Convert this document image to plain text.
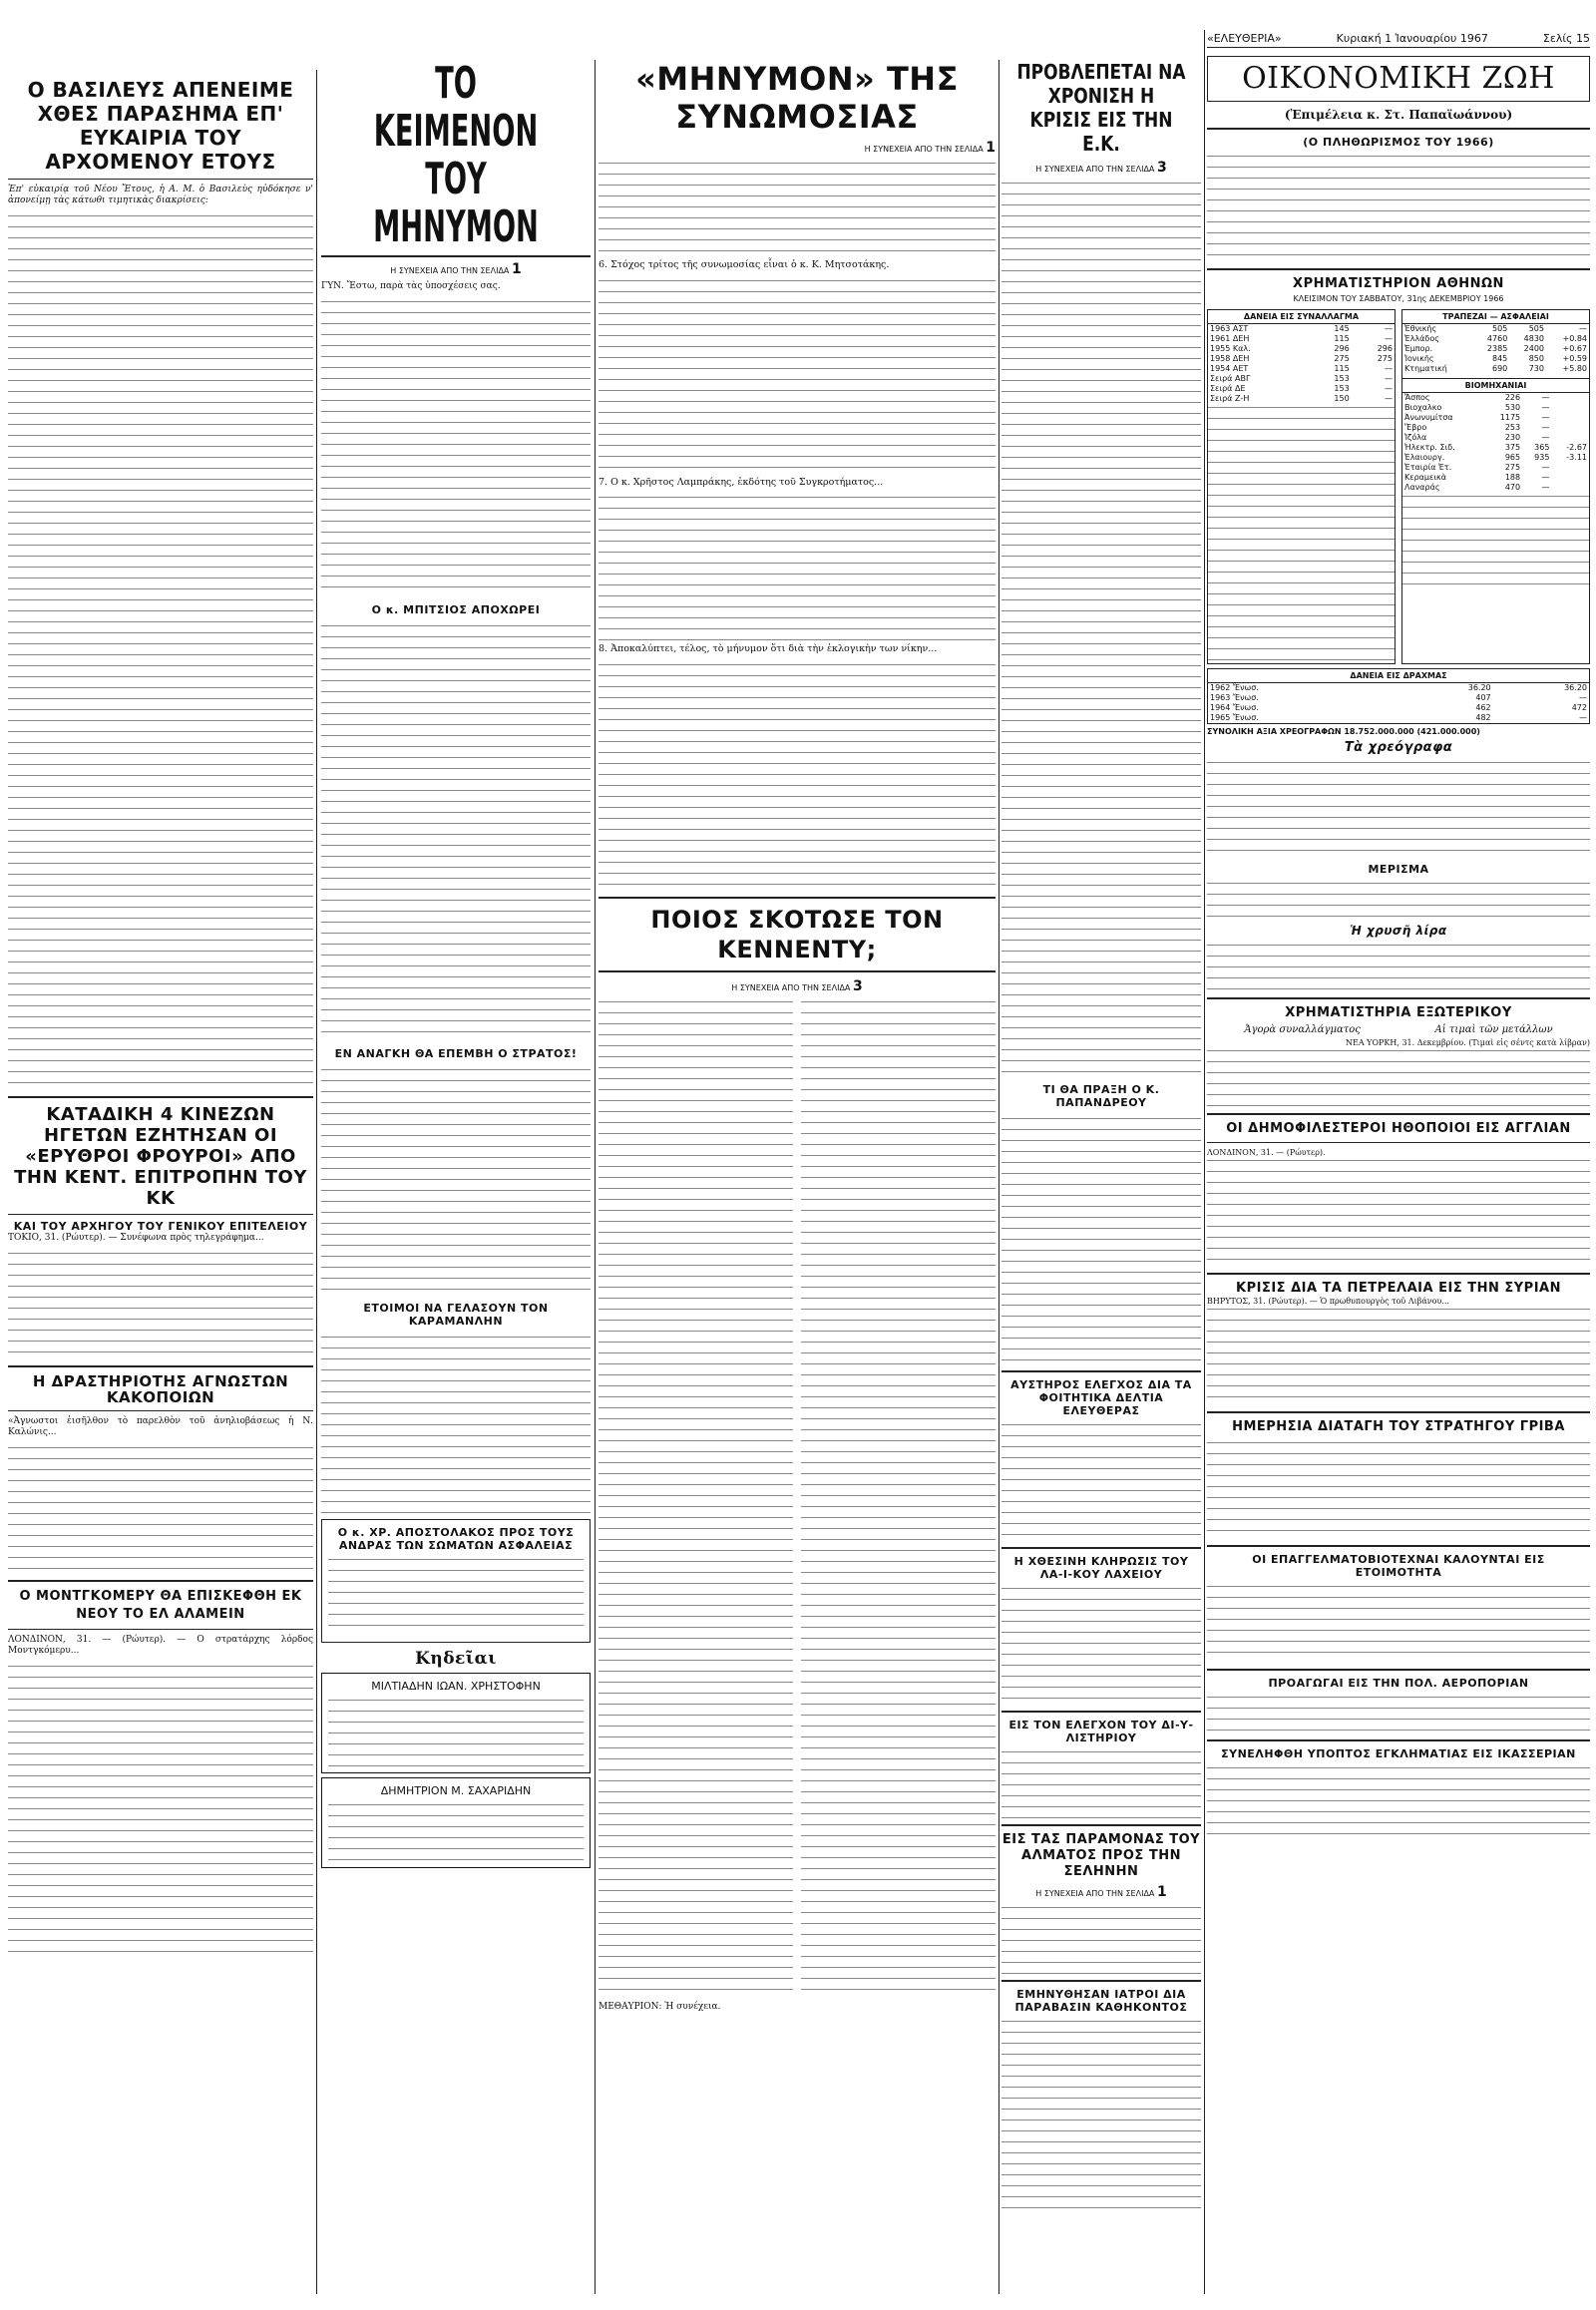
Ο ΒΑΣΙΛΕΥΣ ΑΠΕΝΕΙΜΕ ΧΘΕΣ ΠΑΡΑΣΗΜΑ ΕΠ' ΕΥΚΑΙΡΙΑ ΤΟΥ ΑΡΧΟΜΕΝΟΥ ΕΤΟΥΣ

Ἐπ' εὐκαιρίᾳ τοῦ Νέου Ἔτους, ἡ Α. Μ. ὁ Βασιλεὺς ηὐδόκησε ν' ἀπονείμῃ τὰς κάτωθι τιμητικὰς διακρίσεις:

ΚΑΤΑΔΙΚΗ 4 ΚΙΝΕΖΩΝ ΗΓΕΤΩΝ ΕΖΗΤΗΣΑΝ ΟΙ «ΕΡΥΘΡΟΙ ΦΡΟΥΡΟΙ» ΑΠΟ ΤΗΝ ΚΕΝΤ. ΕΠΙΤΡΟΠΗΝ ΤΟΥ ΚΚ
ΚΑΙ ΤΟΥ ΑΡΧΗΓΟΥ ΤΟΥ ΓΕΝΙΚΟΥ ΕΠΙΤΕΛΕΙΟΥ

ΤΟΚΙΟ, 31. (Ρώυτερ). — Συνέφωνα πρὸς τηλεγράφημα...

Η ΔΡΑΣΤΗΡΙΟΤΗΣ ΑΓΝΩΣΤΩΝ ΚΑΚΟΠΟΙΩΝ

«Ἀγνωστοι ἐισῆλθον τὸ παρελθὸν τοῦ ἀνηλιοβάσεως ἡ Ν. Καλώνις...

Ο ΜΟΝΤΓΚΟΜΕΡΥ ΘΑ ΕΠΙΣΚΕΦΘΗ ΕΚ ΝΕΟΥ ΤΟ ΕΛ ΑΛΑΜΕΙΝ

ΛΟΝΔΙΝΟΝ, 31. — (Ρώυτερ). — Ο στρατάρχης λόρδος Μοντγκόμερυ...

ΤΟ ΚΕΙΜΕΝΟΝ
ΤΟΥ ΜΗΝΥΜΟΝ
Η ΣΥΝΕΧΕΙΑ ΑΠΟ ΤΗΝ ΣΕΛΙΔΑ 1

ΓΥΝ. Ἔστω, παρὰ τὰς ὑποσχέσεις σας.

Ο κ. ΜΠΙΤΣΙΟΣ ΑΠΟΧΩΡΕΙ
ΕΝ ΑΝΑΓΚΗ ΘΑ ΕΠΕΜΒΗ Ο ΣΤΡΑΤΟΣ!
ΕΤΟΙΜΟΙ ΝΑ ΓΕΛΑΣΟΥΝ ΤΟΝ ΚΑΡΑΜΑΝΛΗΝ
Ο κ. ΧΡ. ΑΠΟΣΤΟΛΑΚΟΣ ΠΡΟΣ ΤΟΥΣ ΑΝΔΡΑΣ ΤΩΝ ΣΩΜΑΤΩΝ ΑΣΦΑΛΕΙΑΣ
Κηδεῖαι
ΜΙΛΤΙΑΔΗΝ ΙΩΑΝ. ΧΡΗΣΤΟΦΗΝ
ΔΗΜΗΤΡΙΟΝ Μ. ΣΑΧΑΡΙΔΗΝ
«ΜΗΝΥΜΟΝ» ΤΗΣ ΣΥΝΩΜΟΣΙΑΣ
Η ΣΥΝΕΧΕΙΑ ΑΠΟ ΤΗΝ ΣΕΛΙΔΑ 1

6. Στόχος τρίτος τῆς συνωμοσίας εἶναι ὁ κ. Κ. Μητσοτάκης.

7. Ο κ. Χρῆστος Λαμπράκης, ἐκδότης τοῦ Συγκροτήματος...

8. Ἀποκαλύπτει, τέλος, τὸ μήνυμον ὅτι διὰ τὴν ἐκλογικὴν των νίκην...

ΠΟΙΟΣ ΣΚΟΤΩΣΕ ΤΟΝ ΚΕΝΝΕΝΤΥ;
Η ΣΥΝΕΧΕΙΑ ΑΠΟ ΤΗΝ ΣΕΛΙΔΑ 3

ΜΕΘΑΥΡΙΟΝ: Ἡ συνέχεια.

ΠΡΟΒΛΕΠΕΤΑΙ ΝΑ ΧΡΟΝΙΣΗ Η ΚΡΙΣΙΣ ΕΙΣ ΤΗΝ Ε.Κ.
Η ΣΥΝΕΧΕΙΑ ΑΠΟ ΤΗΝ ΣΕΛΙΔΑ 3
ΤΙ ΘΑ ΠΡΑΞΗ Ο Κ. ΠΑΠΑΝΔΡΕΟΥ
ΑΥΣΤΗΡΟΣ ΕΛΕΓΧΟΣ ΔΙΑ ΤΑ ΦΟΙΤΗΤΙΚΑ ΔΕΛΤΙΑ ΕΛΕΥΘΕΡΑΣ
Η ΧΘΕΣΙΝΗ ΚΛΗΡΩΣΙΣ ΤΟΥ ΛΑ-Ι-ΚΟΥ ΛΑΧΕΙΟΥ
ΕΙΣ ΤΟΝ ΕΛΕΓΧΟΝ ΤΟΥ ΔΙ-Υ-ΛΙΣΤΗΡΙΟΥ
ΕΙΣ ΤΑΣ ΠΑΡΑΜΟΝΑΣ ΤΟΥ ΑΛΜΑΤΟΣ ΠΡΟΣ ΤΗΝ ΣΕΛΗΝΗΝ
Η ΣΥΝΕΧΕΙΑ ΑΠΟ ΤΗΝ ΣΕΛΙΔΑ 1
ΕΜΗΝΥΘΗΣΑΝ ΙΑΤΡΟΙ ΔΙΑ ΠΑΡΑΒΑΣΙΝ ΚΑΘΗΚΟΝΤΟΣ
«ΕΛΕΥΘΕΡΙΑ»	Κυριακή 1 Ἰανουαρίου 1967	Σελίς 15
ΟΙΚΟΝΟΜΙΚΗ ΖΩΗ
(Ἐπιμέλεια κ. Στ. Παπαϊωάννου)
(Ο ΠΛΗΘΩΡΙΣΜΟΣ ΤΟΥ 1966)
ΧΡΗΜΑΤΙΣΤΗΡΙΟΝ ΑΘΗΝΩΝ
ΚΛΕΙΣΙΜΟΝ ΤΟΥ ΣΑΒΒΑΤΟΥ, 31ης ΔΕΚΕΜΒΡΙΟΥ 1966
ΔΑΝΕΙΑ ΕΙΣ ΣΥΝΑΛΛΑΓΜΑ
1963 ΑΣΤ	145	—
1961 ΔΕΗ	115	—
1955 Καλ.	296	296
1958 ΔΕΗ	275	275
1954 ΑΕΤ	115	—
Σειρά ΑΒΓ	153	—
Σειρά ΔΕ	153	—
Σειρά Ζ-Η	150	—
ΤΡΑΠΕΖΑΙ — ΑΣΦΑΛΕΙΑΙ
Ἐθνικῆς	505	505	—
Ἑλλάδος	4760	4830	+0.84
Ἐμπορ.	2385	2400	+0.67
Ἰονικῆς	845	850	+0.59
Κτηματική	690	730	+5.80
ΒΙΟΜΗΧΑΝΙΑΙ
Ἄσπος	226	—	
Βιοχαλκο	530	—	
Ἀνωνυμίτσα	1175	—	
Ἔβρο	253	—	
Ἰζόλα	230	—	
Ἠλεκτρ. Σιδ.	375	365	-2.67
Ἐλαιουργ.	965	935	-3.11
Ἐταιρία Ἐτ.	275	—	
Κεραμεικὰ	188	—	
Λαναράς	470	—	
ΔΑΝΕΙΑ ΕΙΣ ΔΡΑΧΜΑΣ
1962 Ἔνωσ.	36.20	36.20
1963 Ἔνωσ.	407	—
1964 Ἔνωσ.	462	472
1965 Ἔνωσ.	482	—
ΣΥΝΟΛΙΚΗ ΑΞΙΑ ΧΡΕΟΓΡΑΦΩΝ 18.752.000.000 (421.000.000)
Τὰ χρεόγραφα
ΜΕΡΙΣΜΑ
Ἡ χρυσῆ λίρα
ΧΡΗΜΑΤΙΣΤΗΡΙΑ ΕΞΩΤΕΡΙΚΟΥ
Ἀγορὰ συναλλάγματος	Αἱ τιμαὶ τῶν μετάλλων
ΝΕΑ ΥΟΡΚΗ, 31. Δεκεμβρίου. (Τιμαὶ εἰς σέντς κατὰ λίβραν)
ΟΙ ΔΗΜΟΦΙΛΕΣΤΕΡΟΙ ΗΘΟΠΟΙΟΙ ΕΙΣ ΑΓΓΛΙΑΝ
ΛΟΝΔΙΝΟΝ, 31. — (Ρώυτερ).
ΚΡΙΣΙΣ ΔΙΑ ΤΑ ΠΕΤΡΕΛΑΙΑ ΕΙΣ ΤΗΝ ΣΥΡΙΑΝ
ΒΗΡΥΤΟΣ, 31. (Ρώυτερ). — Ὁ πρωθυπουργὸς τοῦ Λιβάνου...
ΗΜΕΡΗΣΙΑ ΔΙΑΤΑΓΗ ΤΟΥ ΣΤΡΑΤΗΓΟΥ ΓΡΙΒΑ
ΟΙ ΕΠΑΓΓΕΛΜΑΤΟΒΙΟΤΕΧΝΑΙ ΚΑΛΟΥΝΤΑΙ ΕΙΣ ΕΤΟΙΜΟΤΗΤΑ
ΠΡΟΑΓΩΓΑΙ ΕΙΣ ΤΗΝ ΠΟΛ. ΑΕΡΟΠΟΡΙΑΝ
ΣΥΝΕΛΗΦΘΗ ΥΠΟΠΤΟΣ ΕΓΚΛΗΜΑΤΙΑΣ ΕΙΣ ΙΚΑΣΣΕΡΙΑΝ
